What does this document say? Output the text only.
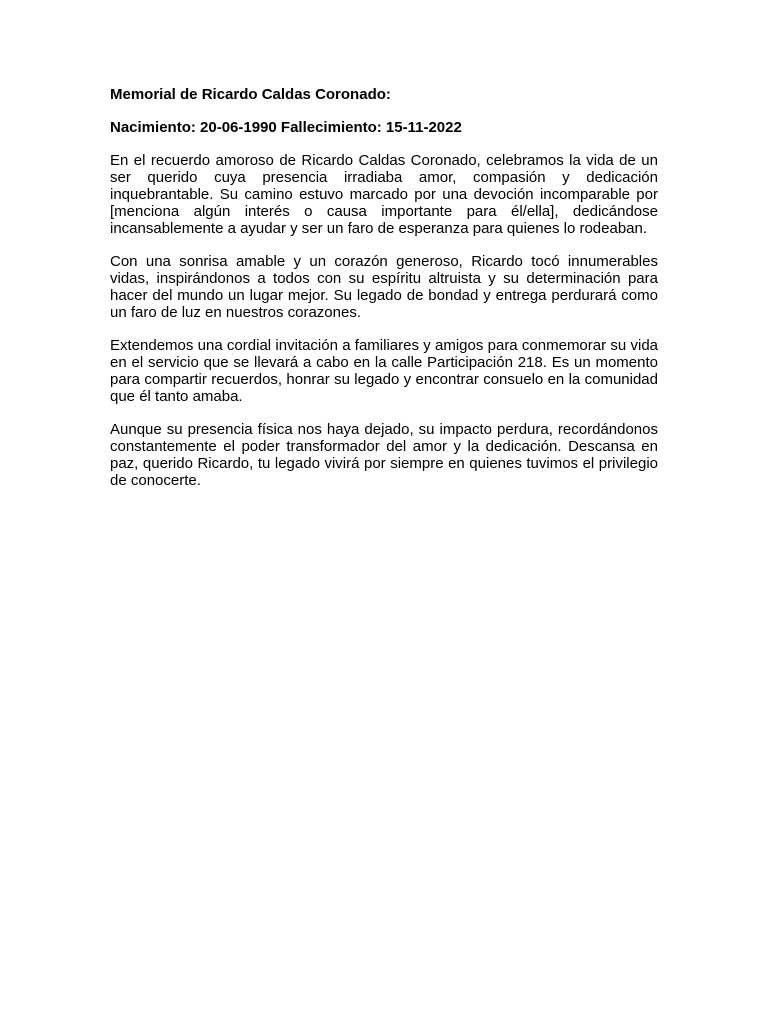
Memorial de Ricardo Caldas Coronado:

Nacimiento: 20-06-1990 Fallecimiento: 15-11-2022

En el recuerdo amoroso de Ricardo Caldas Coronado, celebramos la vida de un ser querido cuya presencia irradiaba amor, compasión y dedicación inquebrantable. Su camino estuvo marcado por una devoción incomparable por [menciona algún interés o causa importante para él/ella], dedicándose incansablemente a ayudar y ser un faro de esperanza para quienes lo rodeaban.

Con una sonrisa amable y un corazón generoso, Ricardo tocó innumerables vidas, inspirándonos a todos con su espíritu altruista y su determinación para hacer del mundo un lugar mejor. Su legado de bondad y entrega perdurará como un faro de luz en nuestros corazones.

Extendemos una cordial invitación a familiares y amigos para conmemorar su vida en el servicio que se llevará a cabo en la calle Participación 218. Es un momento para compartir recuerdos, honrar su legado y encontrar consuelo en la comunidad que él tanto amaba.

Aunque su presencia física nos haya dejado, su impacto perdura, recordándonos constantemente el poder transformador del amor y la dedicación. Descansa en paz, querido Ricardo, tu legado vivirá por siempre en quienes tuvimos el privilegio de conocerte.
